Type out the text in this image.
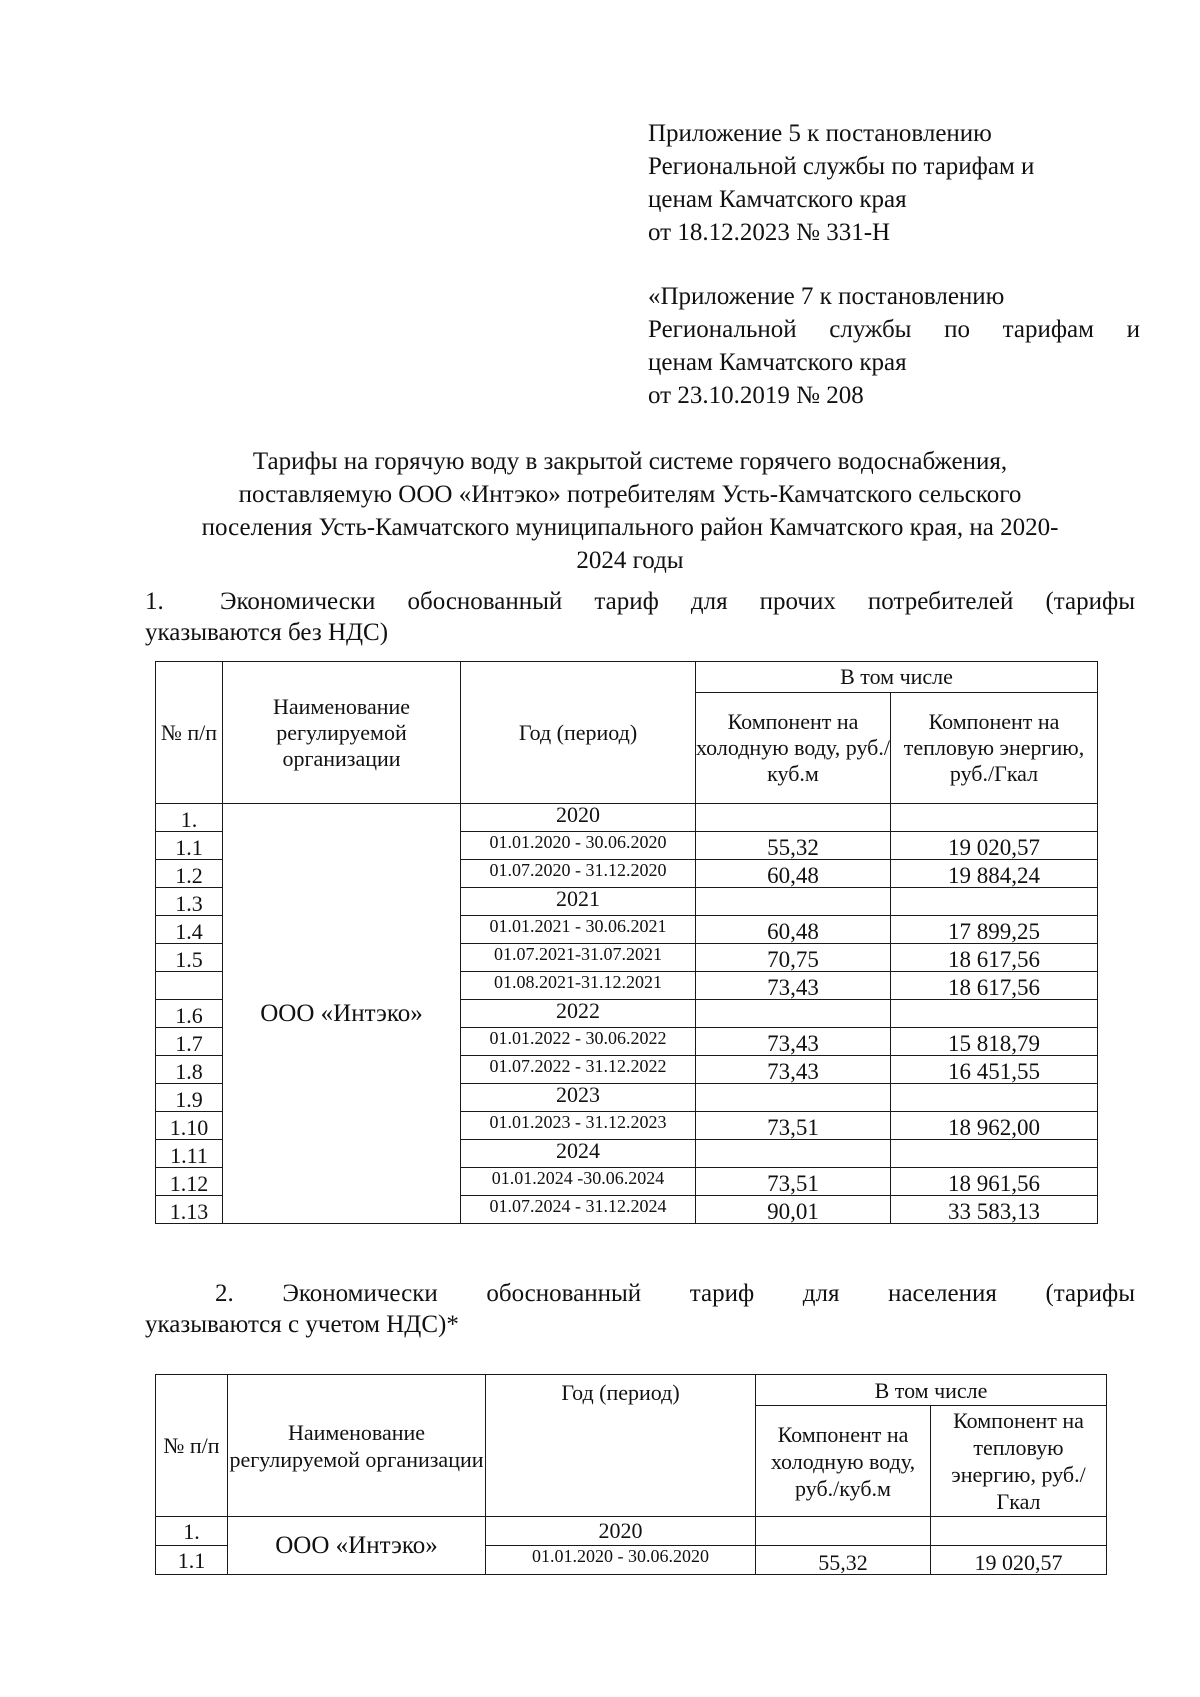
Приложение 5 к постановлению
Региональной службы по тарифам и
ценам Камчатского края
от 18.12.2023 № 331-Н
«Приложение 7 к постановлению
Региональной службы по тарифам и
ценам Камчатского края
от 23.10.2019 № 208
Тарифы на горячую воду в закрытой системе горячего водоснабжения,
поставляемую ООО «Интэко» потребителям Усть-Камчатского сельского
поселения Усть-Камчатского муниципального район Камчатского края, на 2020-
2024 годы
1. Экономически обоснованный тариф для прочих потребителей (тарифы
указываются без НДС)
№ п/п	Наименование регулируемой организации	Год (период)	В том числе	
			Компонент на холодную воду, руб./куб.м	Компонент на тепловую энергию, руб./Гкал
1.	ООО «Интэко»	2020		
1.1		01.01.2020 - 30.06.2020	55,32	19 020,57
1.2		01.07.2020 - 31.12.2020	60,48	19 884,24
1.3		2021		
1.4		01.01.2021 - 30.06.2021	60,48	17 899,25
1.5		01.07.2021-31.07.2021	70,75	18 617,56
		01.08.2021-31.12.2021	73,43	18 617,56
1.6		2022		
1.7		01.01.2022 - 30.06.2022	73,43	15 818,79
1.8		01.07.2022 - 31.12.2022	73,43	16 451,55
1.9		2023		
1.10		01.01.2023 - 31.12.2023	73,51	18 962,00
1.11		2024		
1.12		01.01.2024 -30.06.2024	73,51	18 961,56
1.13		01.07.2024 - 31.12.2024	90,01	33 583,13
2. Экономически обоснованный тариф для населения (тарифы
указываются с учетом НДС)*
№ п/п	Наименование регулируемой организации	Год (период)	В том числе	
			Компонент на холодную воду, руб./куб.м	Компонент на тепловую энергию, руб./Гкал
1.	ООО «Интэко»	2020		
1.1		01.01.2020 - 30.06.2020	55,32	19 020,57
